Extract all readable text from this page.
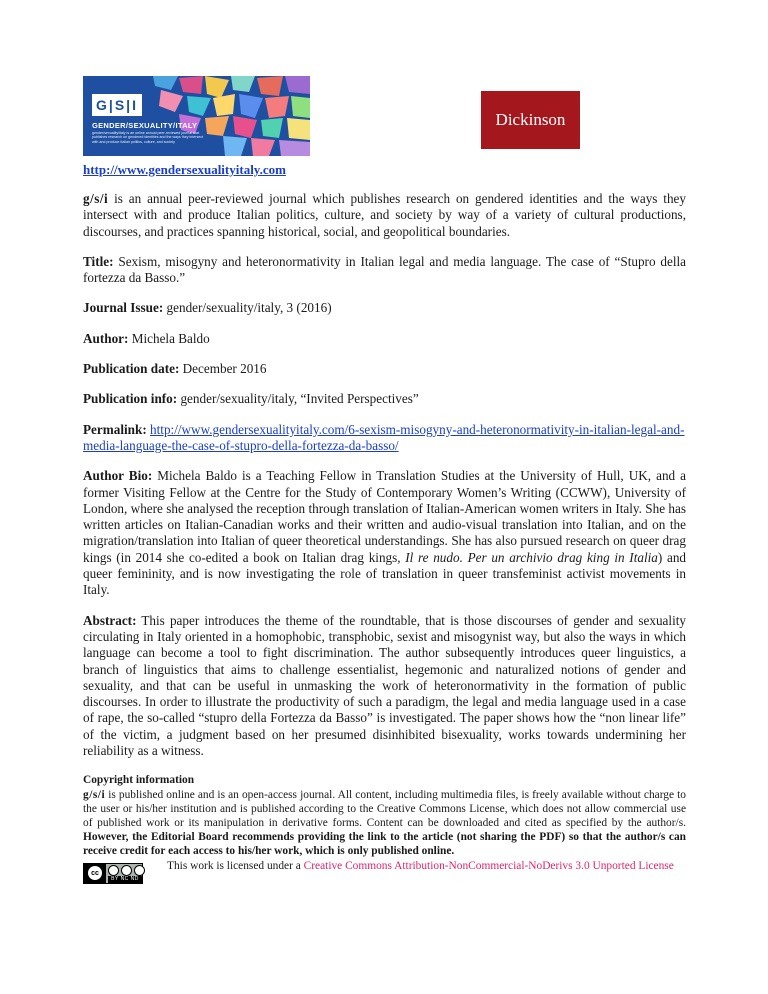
G|S|I
GENDER/SEXUALITY/ITALY
gender/sexuality/italy is an online annual peer-reviewed journal that publishes research on gendered identities and the ways they intersect with and produce Italian politics, culture, and society
Dickinson
http://www.gendersexualityitaly.com

g/s/i is an annual peer-reviewed journal which publishes research on gendered identities and the ways they intersect with and produce Italian politics, culture, and society by way of a variety of cultural productions, discourses, and practices spanning historical, social, and geopolitical boundaries.

Title: Sexism, misogyny and heteronormativity in Italian legal and media language. The case of “Stupro della fortezza da Basso.”

Journal Issue: gender/sexuality/italy, 3 (2016)

Author: Michela Baldo

Publication date: December 2016

Publication info: gender/sexuality/italy, “Invited Perspectives”

Permalink: http://www.gendersexualityitaly.com/6-sexism-misogyny-and-heteronormativity-in-italian-legal-and-media-language-the-case-of-stupro-della-fortezza-da-basso/

Author Bio: Michela Baldo is a Teaching Fellow in Translation Studies at the University of Hull, UK, and a former Visiting Fellow at the Centre for the Study of Contemporary Women’s Writing (CCWW), University of London, where she analysed the reception through translation of Italian-American women writers in Italy. She has written articles on Italian-Canadian works and their written and audio-visual translation into Italian, and on the migration/translation into Italian of queer theoretical understandings. She has also pursued research on queer drag kings (in 2014 she co-edited a book on Italian drag kings, Il re nudo. Per un archivio drag king in Italia) and queer femininity, and is now investigating the role of translation in queer transfeminist activist movements in Italy.

Abstract: This paper introduces the theme of the roundtable, that is those discourses of gender and sexuality circulating in Italy oriented in a homophobic, transphobic, sexist and misogynist way, but also the ways in which language can become a tool to fight discrimination. The author subsequently introduces queer linguistics, a branch of linguistics that aims to challenge essentialist, hegemonic and naturalized notions of gender and sexuality, and that can be useful in unmasking the work of heteronormativity in the formation of public discourses. In order to illustrate the productivity of such a paradigm, the legal and media language used in a case of rape, the so-called “stupro della Fortezza da Basso” is investigated. The paper shows how the “non linear life” of the victim, a judgment based on her presumed disinhibited bisexuality, works towards undermining her reliability as a witness.

Copyright information

g/s/i is published online and is an open-access journal. All content, including multimedia files, is freely available without charge to the user or his/her institution and is published according to the Creative Commons License, which does not allow commercial use of published work or its manipulation in derivative forms. Content can be downloaded and cited as specified by the author/s. However, the Editorial Board recommends providing the link to the article (not sharing the PDF) so that the author/s can receive credit for each access to his/her work, which is only published online.

cc
BY NC ND

This work is licensed under a Creative Commons Attribution-NonCommercial-NoDerivs 3.0 Unported License
